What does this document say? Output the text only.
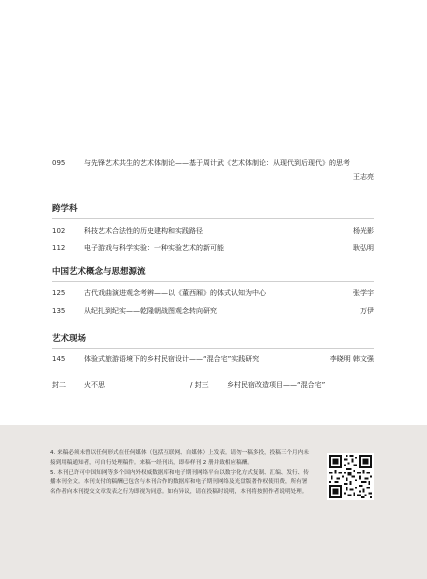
095	与先锋艺术共生的艺术体制论——基于周计武《艺术体制论：从现代到后现代》的思考
王志亮
跨学科
102	科技艺术合法性的历史建构和实践路径	杨光影
112	电子游戏与科学实验：一种实验艺术的新可能	耿弘明
中国艺术概念与思想源流
125	古代戏曲演进观念考辨——以《董西厢》的体式认知为中心	张学宇
135	从纪扎到纪实——乾隆朝战图观念转向研究	万伊
艺术现场
145	体验式旅游语境下的乡村民宿设计——“混合宅”实践研究	李晓明 韩文强
封二	火不思	/ 封三	乡村民宿改造项目——“混合宅”

4. 来稿必须未曾以任何形式在任何媒体（包括互联网、自媒体）上发表。请勿一稿多投，投稿三个月内未接到用稿通知者，可自行处理稿件。来稿一经刊出，即奉样刊 2 册并致相应稿酬。

5. 本刊已许可中国知网等多个国内外权威数据库和电子期刊网络平台以数字化方式复制、汇编、发行、传播本刊全文。本刊支付的稿酬已包含与本刊合作的数据库和电子期刊网络及光盘版著作权使用费，所有署名作者向本刊提交文章发表之行为即视为同意。如有异议，请在投稿时说明，本刊将按照作者说明处理。
